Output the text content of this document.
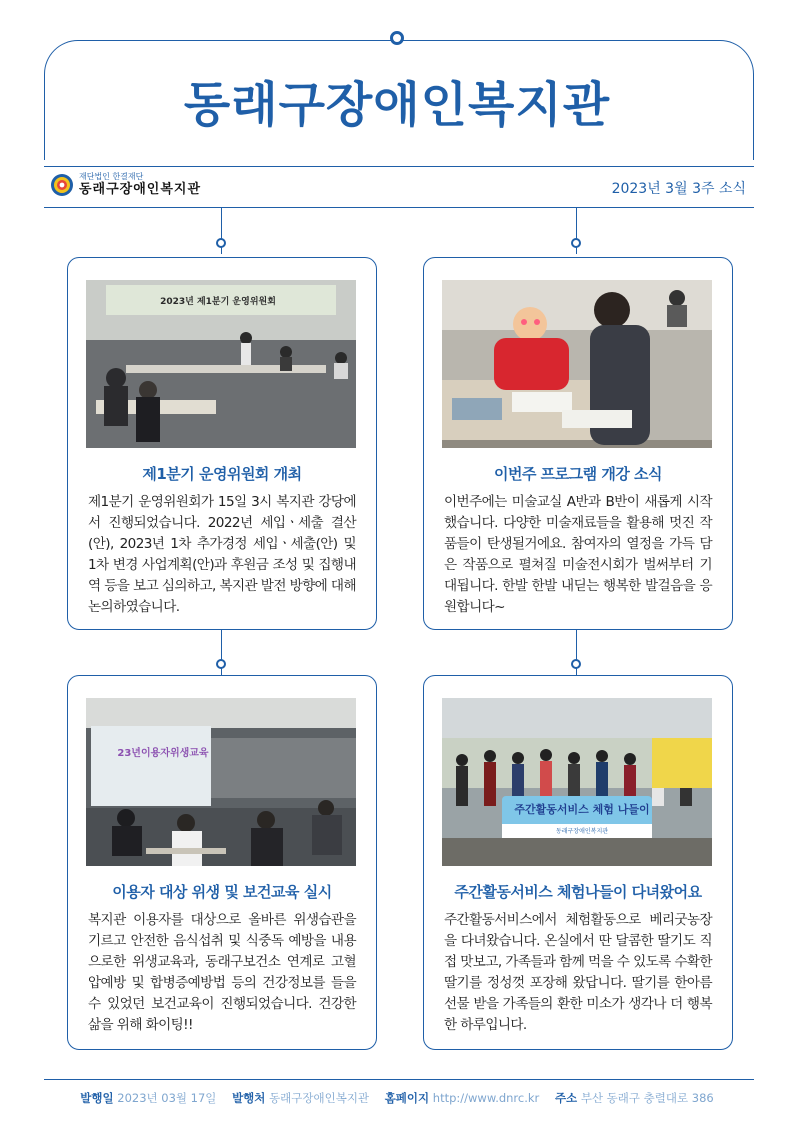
동래구장애인복지관
재단법인 한결재단
동래구장애인복지관	2023년 3월 3주 소식
2023년 제1분기 운영위원회
제1분기 운영위원회 개최
제1분기 운영위원회가 15일 3시 복지관 강당에서 진행되었습니다. 2022년 세입ㆍ세출 결산(안), 2023년 1차 추가경정 세입ㆍ세출(안) 및 1차 변경 사업계획(안)과 후원금 조성 및 집행내역 등을 보고 심의하고, 복지관 발전 방향에 대해 논의하였습니다.
이번주 프로그램 개강 소식
이번주에는 미술교실 A반과 B반이 새롭게 시작했습니다. 다양한 미술재료들을 활용해 멋진 작품들이 탄생될거에요. 참여자의 열정을 가득 담은 작품으로 펼쳐질 미술전시회가 벌써부터 기대됩니다. 한발 한발 내딛는 행복한 발걸음을 응원합니다~
23년이용자위생교육
이용자 대상 위생 및 보건교육 실시
복지관 이용자를 대상으로 올바른 위생습관을 기르고 안전한 음식섭취 및 식중독 예방을 내용으로한 위생교육과, 동래구보건소 연계로 고혈압예방 및 합병증예방법 등의 건강정보를 들을 수 있었던 보건교육이 진행되었습니다. 건강한 삶을 위해 화이팅!!
주간활동서비스 체험 나들이
동래구장애인복지관
주간활동서비스 체험나들이 다녀왔어요
주간활동서비스에서 체험활동으로 베리굿농장을 다녀왔습니다. 온실에서 딴 달콤한 딸기도 직접 맛보고, 가족들과 함께 먹을 수 있도록 수확한 딸기를 정성껏 포장해 왔답니다. 딸기를 한아름 선물 받을 가족들의 환한 미소가 생각나 더 행복한 하루입니다.
발행일 2023년 03월 17일 발행처 동래구장애인복지관 홈페이지 http://www.dnrc.kr 주소 부산 동래구 충렬대로 386
